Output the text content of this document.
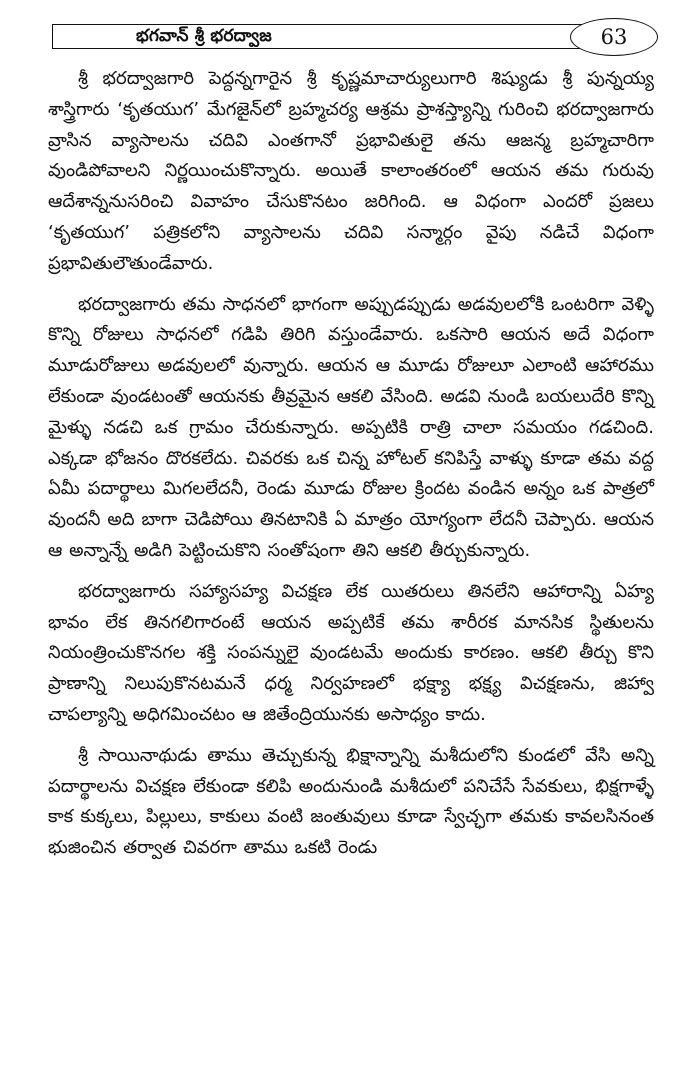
భగవాన్ శ్రీ భరద్వాజ	63

శ్రీ భరద్వాజగారి పెద్దన్నగారైన శ్రీ కృష్ణమాచార్యులుగారి శిష్యుడు శ్రీ పున్నయ్య శాస్త్రిగారు ‘కృతయుగ’ మేగజైన్‌లో బ్రహ్మచర్య ఆశ్రమ ప్రాశస్త్యాన్ని గురించి భరద్వాజగారు వ్రాసిన వ్యాసాలను చదివి ఎంతగానో ప్రభావితులై తను ఆజన్మ బ్రహ్మచారిగా వుండిపోవాలని నిర్ణయించుకొన్నారు. అయితే కాలాంతరంలో ఆయన తమ గురువు ఆదేశాన్ననుసరించి వివాహం చేసుకొనటం జరిగింది. ఆ విధంగా ఎందరో ప్రజలు ‘కృతయుగ’ పత్రికలోని వ్యాసాలను చదివి సన్మార్గం వైపు నడిచే విధంగా ప్రభావితులౌతుండేవారు.

భరద్వాజగారు తమ సాధనలో భాగంగా అప్పుడప్పుడు అడవులలోకి ఒంటరిగా వెళ్ళి కొన్ని రోజులు సాధనలో గడిపి తిరిగి వస్తుండేవారు. ఒకసారి ఆయన అదే విధంగా మూడురోజులు అడవులలో వున్నారు. ఆయన ఆ మూడు రోజులూ ఎలాంటి ఆహారము లేకుండా వుండటంతో ఆయనకు తీవ్రమైన ఆకలి వేసింది. అడవి నుండి బయలుదేరి కొన్ని మైళ్ళు నడచి ఒక గ్రామం చేరుకున్నారు. అప్పటికి రాత్రి చాలా సమయం గడచింది. ఎక్కడా భోజనం దొరకలేదు. చివరకు ఒక చిన్న హోటల్ కనిపిస్తే వాళ్ళు కూడా తమ వద్ద ఏమీ పదార్థాలు మిగలలేదనీ, రెండు మూడు రోజుల క్రిందట వండిన అన్నం ఒక పాత్రలో వుందనీ అది బాగా చెడిపోయి తినటానికి ఏ మాత్రం యోగ్యంగా లేదనీ చెప్పారు. ఆయన ఆ అన్నాన్నే అడిగి పెట్టించుకొని సంతోషంగా తిని ఆకలి తీర్చుకున్నారు.

భరద్వాజగారు సహ్యాసహ్య విచక్షణ లేక యితరులు తినలేని ఆహారాన్ని ఏహ్య భావం లేక తినగలిగారంటే ఆయన అప్పటికే తమ శారీరక మానసిక స్థితులను నియంత్రించుకొనగల శక్తి సంపన్నులై వుండటమే అందుకు కారణం. ఆకలి తీర్చు కొని ప్రాణాన్ని నిలుపుకొనటమనే ధర్మ నిర్వహణలో భక్ష్యా భక్ష్య విచక్షణను, జిహ్వా చాపల్యాన్ని అధిగమించటం ఆ జితేంద్రియునకు అసాధ్యం కాదు.

శ్రీ సాయినాథుడు తాము తెచ్చుకున్న భిక్షాన్నాన్ని మశీదులోని కుండలో వేసి అన్ని పదార్థాలను విచక్షణ లేకుండా కలిపి అందునుండి మశీదులో పనిచేసే సేవకులు, భిక్షగాళ్ళే కాక కుక్కలు, పిల్లులు, కాకులు వంటి జంతువులు కూడా స్వేచ్ఛగా తమకు కావలసినంత భుజించిన తర్వాత చివరగా తాము ఒకటి రెండు
